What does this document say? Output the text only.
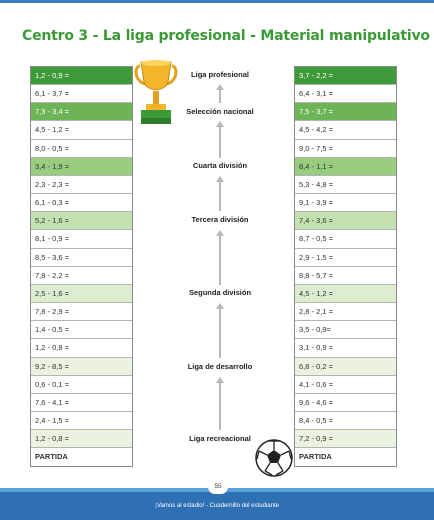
Centro 3 - La liga profesional - Material manipulativo
1,2 - 0,9 =
6,1 - 3,7 =
7,3 - 3,4 =
4,5 - 1,2 =
8,0 - 0,5 =
3,4 - 1,9 =
2,3 - 2,3 =
6,1 - 0,3 =
5,2 - 1,6 =
8,1 - 0,9 =
8,5 - 3,6 =
7,8 - 2,2 =
2,5 - 1,6 =
7,8 - 2,9 =
1,4 - 0,5 =
1,2 - 0,8 =
9,2 - 8,5 =
0,6 - 0,1 =
7,6 - 4,1 =
2,4 - 1,5 =
1,2 - 0,8 =
PARTIDA
3,7 - 2,2 =
6,4 - 3,1 =
7,5 - 3,7 =
4,5 - 4,2 =
9,0 - 7,5 =
8,4 - 1,1 =
5,3 - 4,8 =
9,1 - 3,9 =
7,4 - 3,6 =
8,7 - 0,5 =
2,9 - 1,5 =
8,8 - 5,7 =
4,5 - 1,2 =
2,8 - 2,1 =
3,5 - 0,9=
3,1 - 0,9 =
6,8 - 0,2 =
4,1 - 0,6 =
9,6 - 4,6 =
8,4 - 0,5 =
7,2 - 0,9 =
PARTIDA
Liga profesional
Selección nacional
Cuarta división
Tercera división
Segunda división
Liga de desarrollo
Liga recreacional
55
¡Vamos al estadio! - Cuadernillo del estudiante
